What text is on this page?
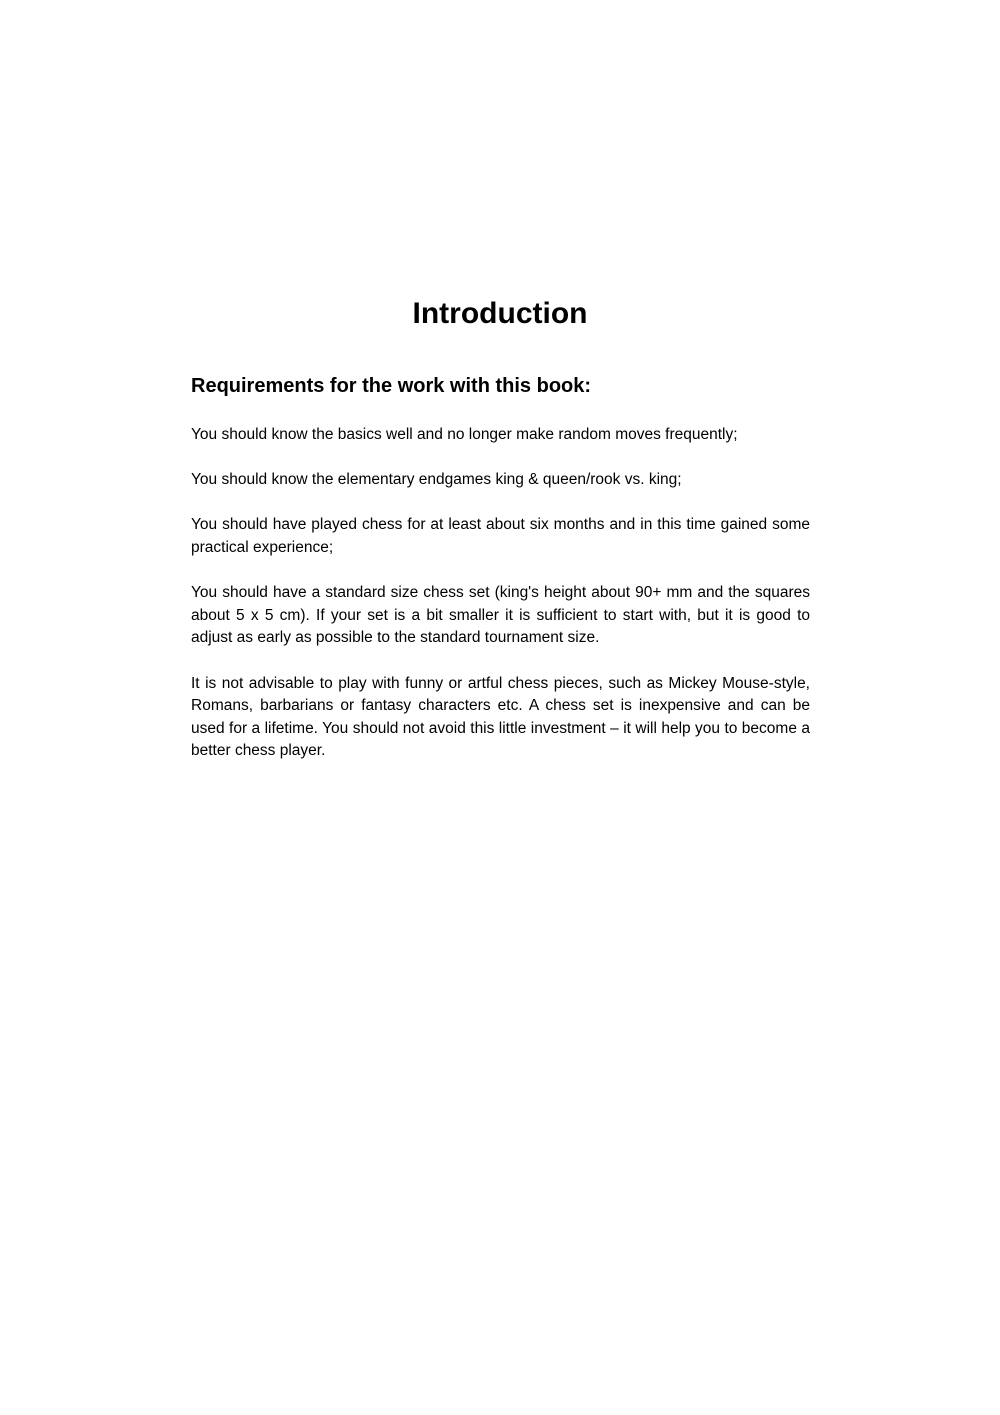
Introduction
Requirements for the work with this book:

You should know the basics well and no longer make random moves frequently;

You should know the elementary endgames king & queen/rook vs. king;

You should have played chess for at least about six months and in this time gained some practical experience;

You should have a standard size chess set (king's height about 90+ mm and the squares about 5 x 5 cm). If your set is a bit smaller it is sufficient to start with, but it is good to adjust as early as possible to the standard tournament size.

It is not advisable to play with funny or artful chess pieces, such as Mickey Mouse-style, Romans, barbarians or fantasy characters etc. A chess set is inexpensive and can be used for a lifetime. You should not avoid this little investment – it will help you to become a better chess player.
